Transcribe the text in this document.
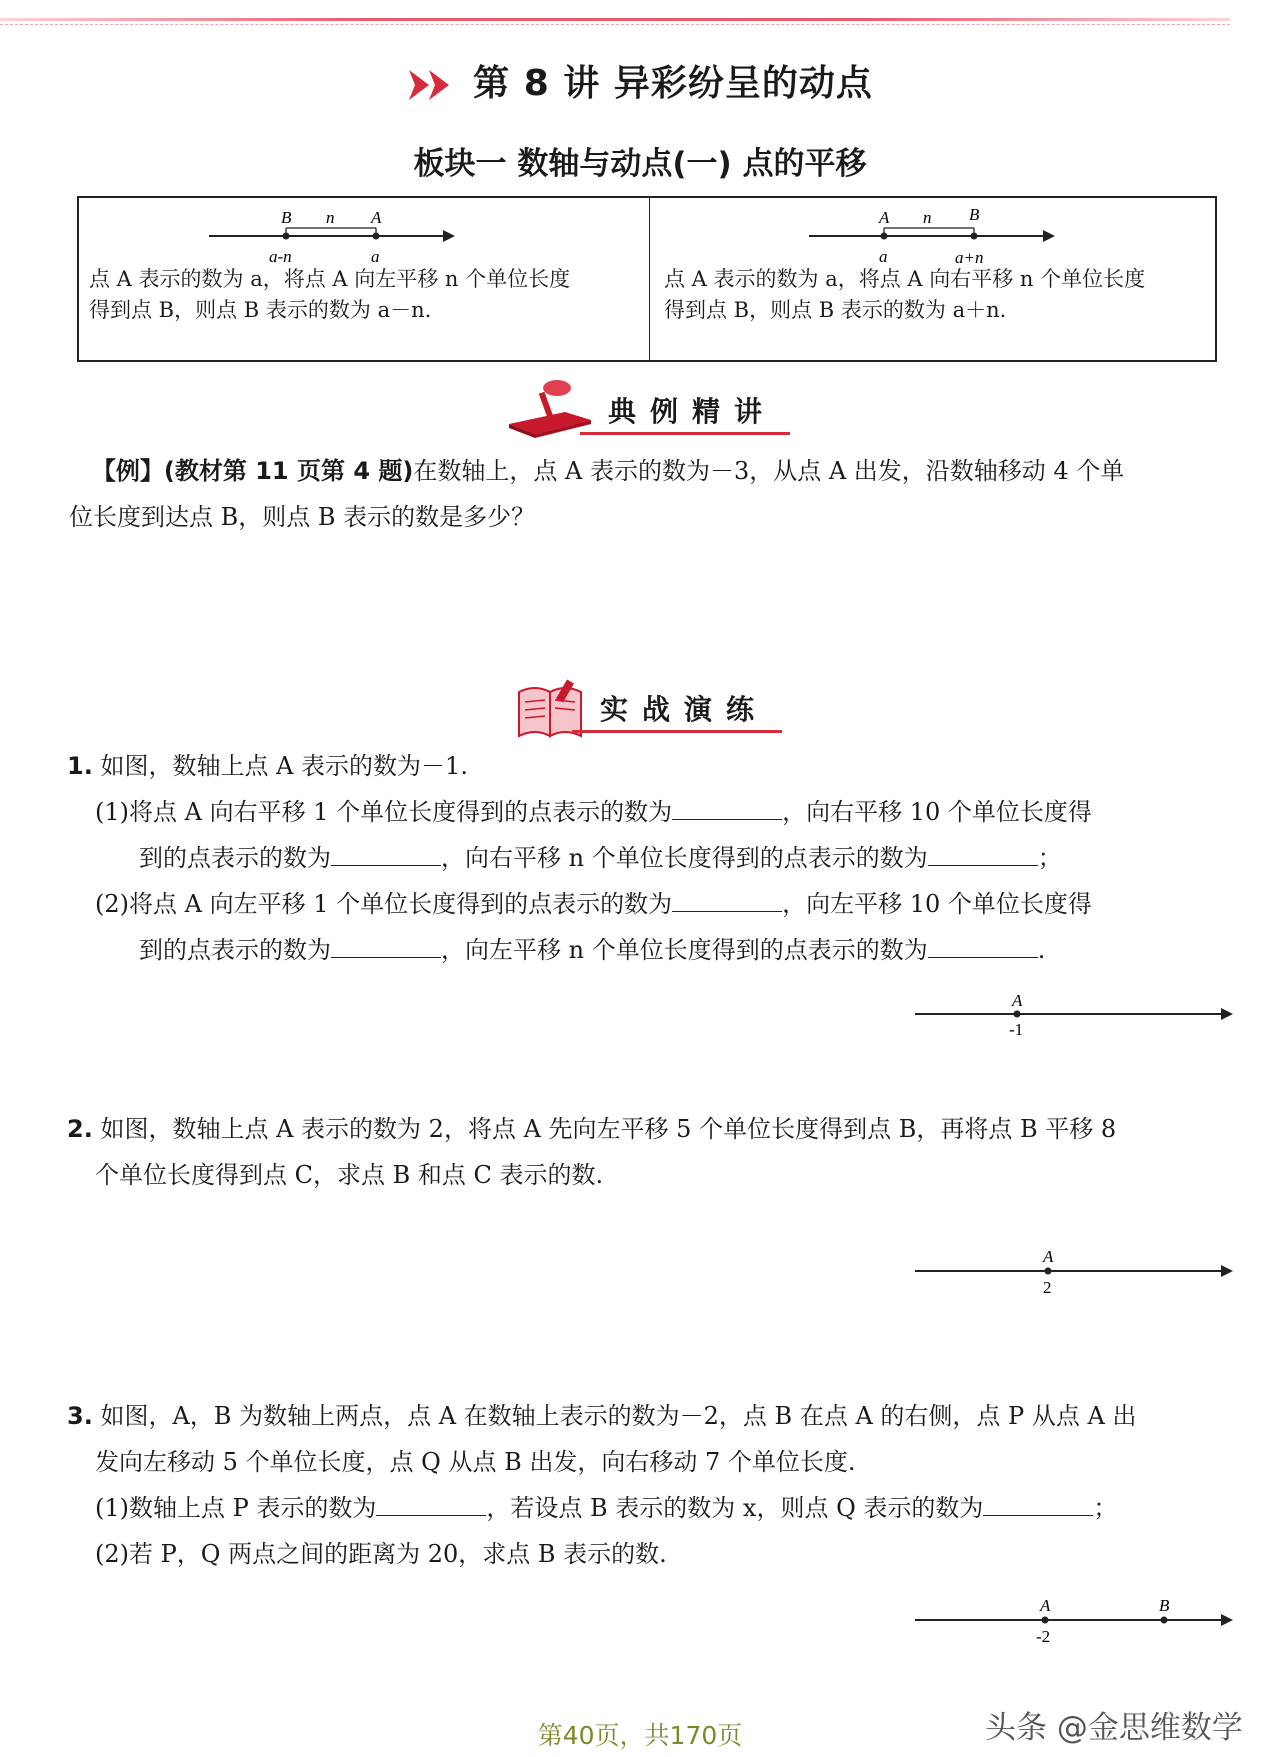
第 8 讲 异彩纷呈的动点
板块一 数轴与动点(一) 点的平移
B n A
a-n	a
点 A 表示的数为 a，将点 A 向左平移 n 个单位长度
得到点 B，则点 B 表示的数为 a－n.
A n B
a	a+n
点 A 表示的数为 a，将点 A 向右平移 n 个单位长度
得到点 B，则点 B 表示的数为 a＋n.
典例精讲
【例】(教材第 11 页第 4 题)在数轴上，点 A 表示的数为－3，从点 A 出发，沿数轴移动 4 个单
位长度到达点 B，则点 B 表示的数是多少？
实战演练
1. 如图，数轴上点 A 表示的数为－1.
(1)将点 A 向右平移 1 个单位长度得到的点表示的数为	，向右平移 10 个单位长度得
到的点表示的数为	，向右平移 n 个单位长度得到的点表示的数为	；
(2)将点 A 向左平移 1 个单位长度得到的点表示的数为	，向左平移 10 个单位长度得
到的点表示的数为	，向左平移 n 个单位长度得到的点表示的数为	.
A
-1
2. 如图，数轴上点 A 表示的数为 2，将点 A 先向左平移 5 个单位长度得到点 B，再将点 B 平移 8
个单位长度得到点 C，求点 B 和点 C 表示的数.
A
2
3. 如图，A，B 为数轴上两点，点 A 在数轴上表示的数为－2，点 B 在点 A 的右侧，点 P 从点 A 出
发向左移动 5 个单位长度，点 Q 从点 B 出发，向右移动 7 个单位长度.
(1)数轴上点 P 表示的数为	，若设点 B 表示的数为 x，则点 Q 表示的数为	；
(2)若 P，Q 两点之间的距离为 20，求点 B 表示的数.
A	B
-2
头条 @金思维数学
第40页，共170页
